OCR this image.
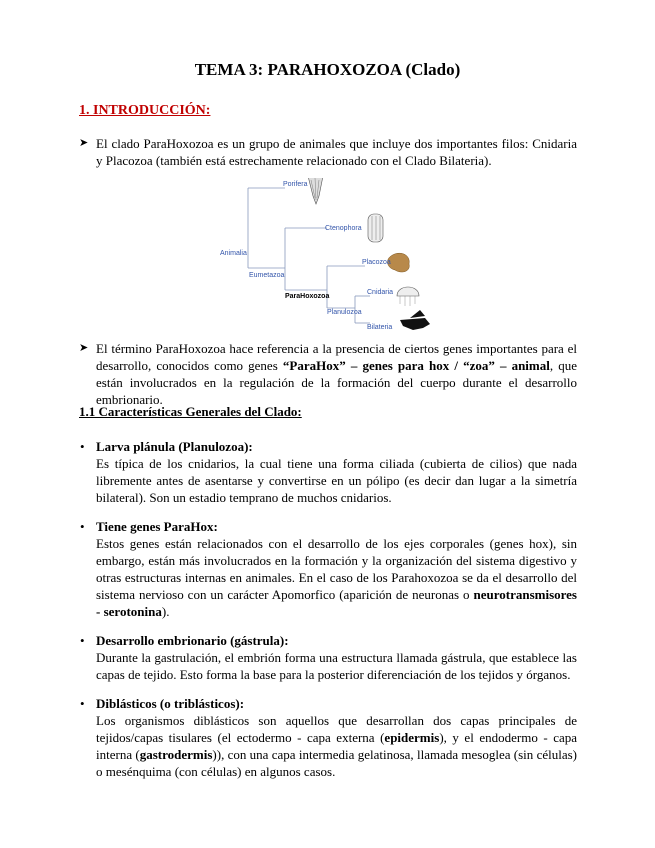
TEMA 3: PARAHOXOZOA (Clado)
1. INTRODUCCIÓN:
➤ El clado ParaHoxozoa es un grupo de animales que incluye dos importantes filos: Cnidaria y Placozoa (también está estrechamente relacionado con el Clado Bilateria).
Porifera
Animalia
Ctenophora
Eumetazoa
Placozoa
ParaHoxozoa
Cnidaria
Planulozoa
Bilateria
➤ El término ParaHoxozoa hace referencia a la presencia de ciertos genes importantes para el desarrollo, conocidos como genes “ParaHox” – genes para hox / “zoa” – animal, que están involucrados en la regulación de la formación del cuerpo durante el desarrollo embrionario.
1.1 Características Generales del Clado:
• Larva plánula (Planulozoa):
Es típica de los cnidarios, la cual tiene una forma ciliada (cubierta de cilios) que nada libremente antes de asentarse y convertirse en un pólipo (es decir dan lugar a la simetría bilateral). Son un estadio temprano de muchos cnidarios.
• Tiene genes ParaHox:
Estos genes están relacionados con el desarrollo de los ejes corporales (genes hox), sin embargo, están más involucrados en la formación y la organización del sistema digestivo y otras estructuras internas en animales. En el caso de los Parahoxozoa se da el desarrollo del sistema nervioso con un carácter Apomorfico (aparición de neuronas o neurotransmisores - serotonina).
• Desarrollo embrionario (gástrula):
Durante la gastrulación, el embrión forma una estructura llamada gástrula, que establece las capas de tejido. Esto forma la base para la posterior diferenciación de los tejidos y órganos.
• Diblásticos (o triblásticos):
Los organismos diblásticos son aquellos que desarrollan dos capas principales de tejidos/capas tisulares (el ectodermo - capa externa (epidermis), y el endodermo - capa interna (gastrodermis)), con una capa intermedia gelatinosa, llamada mesoglea (sin células) o mesénquima (con células) en algunos casos.
